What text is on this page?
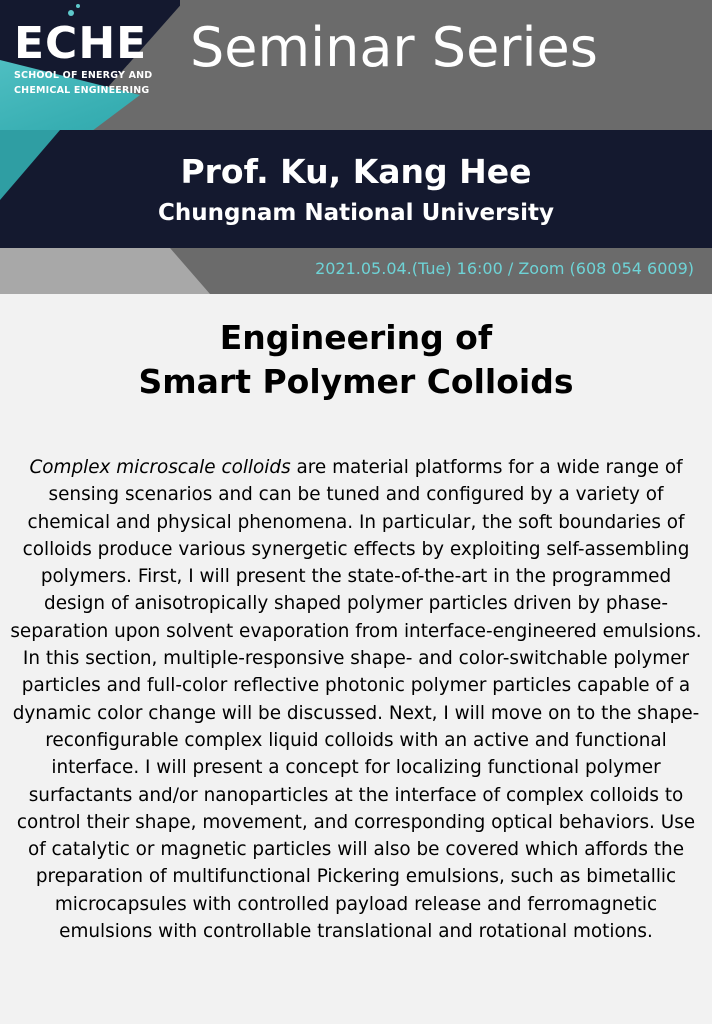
ECHE
SCHOOL OF ENERGY AND
CHEMICAL ENGINEERING
Seminar Series
Prof. Ku, Kang Hee
Chungnam National University
2021.05.04.(Tue) 16:00 / Zoom (608 054 6009)
Engineering of
Smart Polymer Colloids
Complex microscale colloids are material platforms for a wide range of sensing scenarios and can be tuned and configured by a variety of chemical and physical phenomena. In particular, the soft boundaries of colloids produce various synergetic effects by exploiting self-assembling polymers. First, I will present the state-of-the-art in the programmed design of anisotropically shaped polymer particles driven by phase-separation upon solvent evaporation from interface-engineered emulsions. In this section, multiple-responsive shape- and color-switchable polymer particles and full-color reflective photonic polymer particles capable of a dynamic color change will be discussed. Next, I will move on to the shape-reconfigurable complex liquid colloids with an active and functional interface. I will present a concept for localizing functional polymer surfactants and/or nanoparticles at the interface of complex colloids to control their shape, movement, and corresponding optical behaviors. Use of catalytic or magnetic particles will also be covered which affords the preparation of multifunctional Pickering emulsions, such as bimetallic microcapsules with controlled payload release and ferromagnetic emulsions with controllable translational and rotational motions.
